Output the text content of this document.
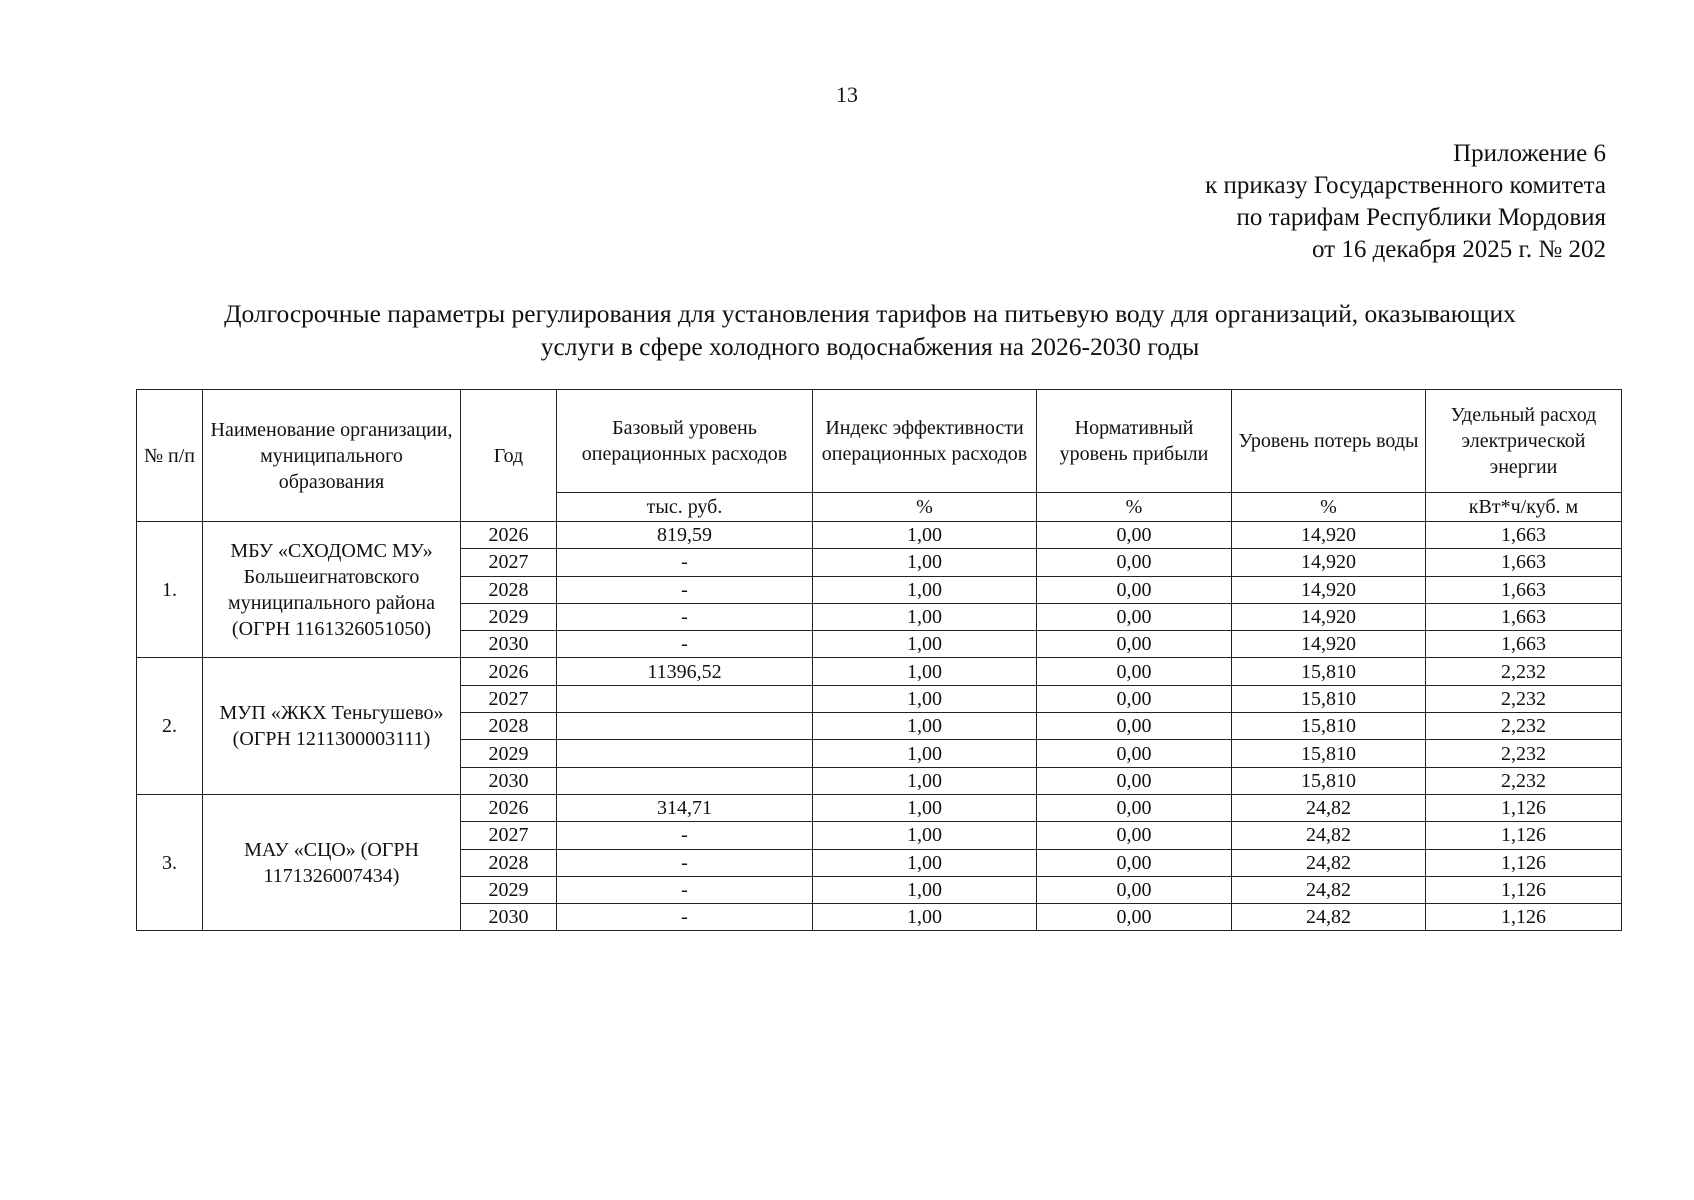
13
Приложение 6
к приказу Государственного комитета
по тарифам Республики Мордовия
от 16 декабря 2025 г. № 202
Долгосрочные параметры регулирования для установления тарифов на питьевую воду для организаций, оказывающих
услуги в сфере холодного водоснабжения на 2026-2030 годы
№ п/п	Наименование организации, муниципального образования	Год	Базовый уровень операционных расходов	Индекс эффективности операционных расходов	Нормативный уровень прибыли	Уровень потерь воды	Удельный расход электрической энергии
			тыс. руб.	%	%	%	кВт*ч/куб. м
1.	МБУ «СХОДОМС МУ» Большеигнатовского муниципального района (ОГРН 1161326051050)	2026	819,59	1,00	0,00	14,920	1,663
		2027	-	1,00	0,00	14,920	1,663
		2028	-	1,00	0,00	14,920	1,663
		2029	-	1,00	0,00	14,920	1,663
		2030	-	1,00	0,00	14,920	1,663
2.	МУП «ЖКХ Теньгушево» (ОГРН 1211300003111)	2026	11396,52	1,00	0,00	15,810	2,232
		2027		1,00	0,00	15,810	2,232
		2028		1,00	0,00	15,810	2,232
		2029		1,00	0,00	15,810	2,232
		2030		1,00	0,00	15,810	2,232
3.	МАУ «СЦО» (ОГРН 1171326007434)	2026	314,71	1,00	0,00	24,82	1,126
		2027	-	1,00	0,00	24,82	1,126
		2028	-	1,00	0,00	24,82	1,126
		2029	-	1,00	0,00	24,82	1,126
		2030	-	1,00	0,00	24,82	1,126
